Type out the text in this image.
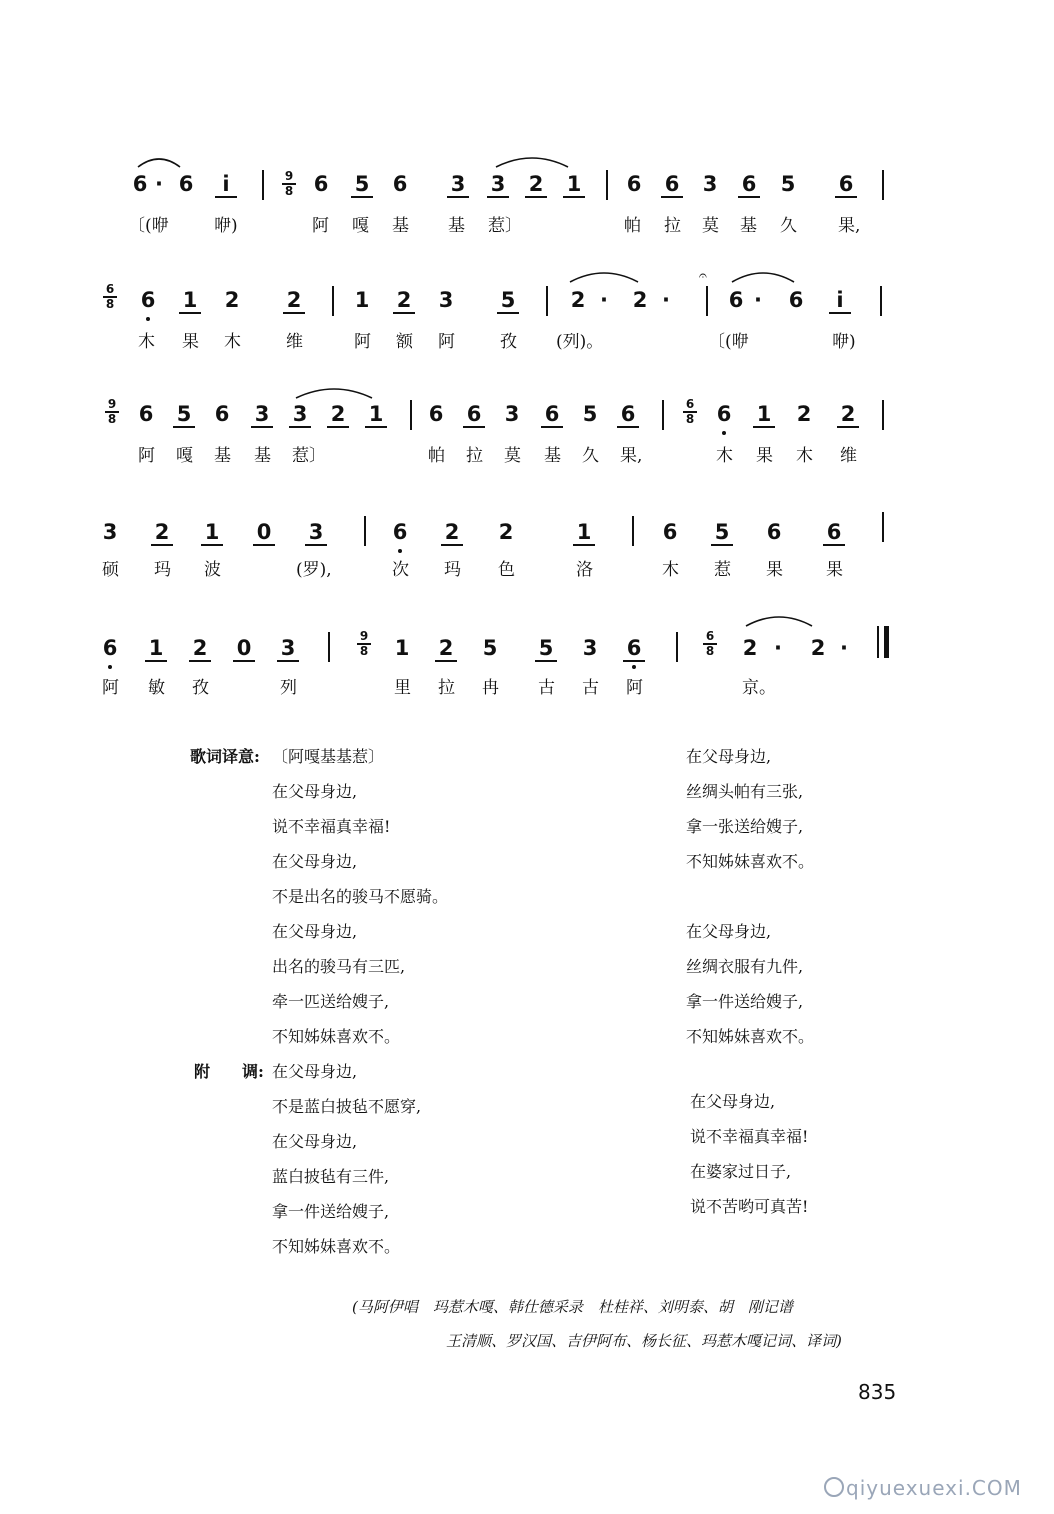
6 · 6	i	9
8 6 5 6 3 3 2 1 6 6 3 6 5 6
〔(咿	咿)	阿 嘎 基 基 惹〕	帕 拉 莫 基 久 果,
6
8 6 1 2 2	1 2 3 5	2 · 2 ·
𝄐
6 · 6	i
木 果 木	维	阿 额 阿	孜 (列)。	〔(咿	咿)
9
8 6 5 6 3 3 2 1 6 6 3 6 5 6	6
8 6 1 2 2
阿 嘎 基 基 惹〕	帕 拉 莫 基 久 果,	木 果 木 维
3 2 1 0 3	6 2 2	1	6 5 6 6
硕 玛 波	(罗),	次 玛 色	洛	木 惹 果	果
6 1 2 0 3	9
8 1 2 5 5 3 6	6
8 2 · 2 ·
阿 敏 孜	列	里 拉 冉 古 古 阿	京。
歌词译意: 〔阿嘎基基惹〕
在父母身边,
说不幸福真幸福!
在父母身边,
不是出名的骏马不愿骑。
在父母身边,
出名的骏马有三匹,
牵一匹送给嫂子,
不知姊妹喜欢不。
在父母身边,
丝绸头帕有三张,
拿一张送给嫂子,
不知姊妹喜欢不。
在父母身边,
丝绸衣服有九件,
拿一件送给嫂子,
不知姊妹喜欢不。
附　　调: 在父母身边,
不是蓝白披毡不愿穿,
在父母身边,
蓝白披毡有三件,
拿一件送给嫂子,
不知姊妹喜欢不。
在父母身边,
说不幸福真幸福!
在婆家过日子,
说不苦哟可真苦!
(马阿伊唱　玛惹木嘎、韩仕德采录　杜桂祥、刘明泰、胡　刚记谱
王清顺、罗汉国、吉伊阿布、杨长征、玛惹木嘎记词、译词)
835
qiyuexuexi.COM
